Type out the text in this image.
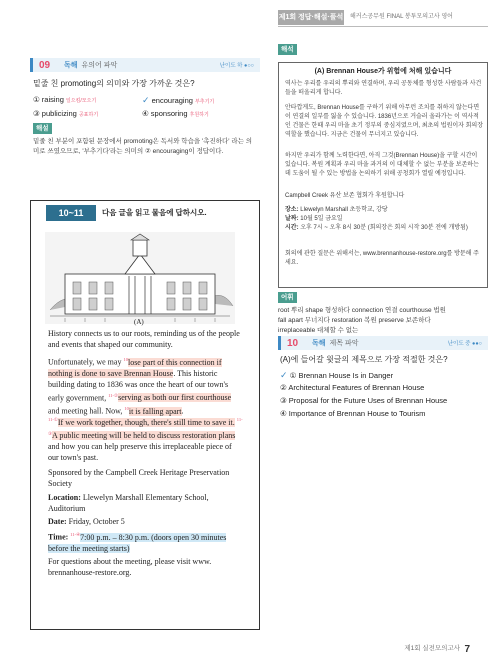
제1회 정답·해설·풀석 해커스공무원 FINAL 봉투모의고사 영어
09	독해 유의어 파악	난이도 하 ●○○
밑줄 친 promoting의 의미와 가장 가까운 것은?
① raising 일으킴/모으기	✓ encouraging 부추기기
③ publicizing 공표하기	④ sponsoring 후원하기
해설
밑줄 친 부분이 포함된 문장에서 promoting은 독서와 학습을 '촉진하다' 라는 의미로 쓰였으므로, '부추기다'라는 의미의 ② encouraging이 정답이다.
10~11	다음 글을 읽고 물음에 답하시오.
(A)
History connects us to our roots, reminding us of the people and events that shaped our community.
Unfortunately, we may $^{10}$lose part of this connection if nothing is done to save Brennan House. This historic building dating to 1836 was once the heart of our town's early government, $^{11-②}$serving as both our first courthouse and meeting hall. Now, $^{10}$it is falling apart.
$^{11-①}$If we work together, though, there's still time to save it. $^{11-③}$A public meeting will be held to discuss restoration plans and how you can help preserve this irreplaceable piece of our town's past.
Sponsored by the Campbell Creek Heritage Preservation Society
Location: Llewelyn Marshall Elementary School, Auditorium
Date: Friday, October 5
Time: $^{11-④}$7:00 p.m. – 8:30 p.m. (doors open 30 minutes before the meeting starts)
For questions about the meeting, please visit www. brennanhouse-restore.org.
해석
(A) Brennan House가 위험에 처해 있습니다
역사는 우리를 우리의 뿌리와 연결하며, 우리 공동체를 형성한 사람들과 사건들을 떠올리게 합니다.
안타깝게도, Brennan House를 구하기 위해 아무런 조치를 취하지 않는다면 이 연결의 일부를 잃을 수 있습니다. 1836년으로 거슬러 올라가는 이 역사적인 건물은 한때 우리 마을 초기 정부의 중심지였으며, 최초의 법원이자 회의장 역할을 했습니다. 지금은 건물이 무너지고 있습니다.
하지만 우리가 함께 노력한다면, 아직 그것(Brennan House)을 구할 시간이 있습니다. 복원 계획과 우리 마을 과거의 이 대체할 수 없는 부분을 보존하는 데 도움이 될 수 있는 방법을 논의하기 위해 공청회가 열릴 예정입니다.
Campbell Creek 유산 보존 협회가 후원합니다
장소: Llewelyn Marshall 초등학교, 강당
날짜: 10월 5일 금요일
시간: 오후 7시 ~ 오후 8시 30분 (회의장은 회의 시작 30분 전에 개방됨)
회의에 관한 질문은 위해서는, www.brennanhouse-restore.org를 방문해 주세요.
어휘
root 뿌리 shape 형성하다 connection 연결 courthouse 법원
fall apart 무너지다 restoration 복원 preserve 보존하다
irreplaceable 대체할 수 없는
10	독해 제목 파악	난이도 중 ●●○
(A)에 들어갈 윗글의 제목으로 가장 적절한 것은?
✓ ① Brennan House Is in Danger
② Architectural Features of Brennan House
③ Proposal for the Future Uses of Brennan House
④ Importance of Brennan House to Tourism
제1회 실전모의고사 7
